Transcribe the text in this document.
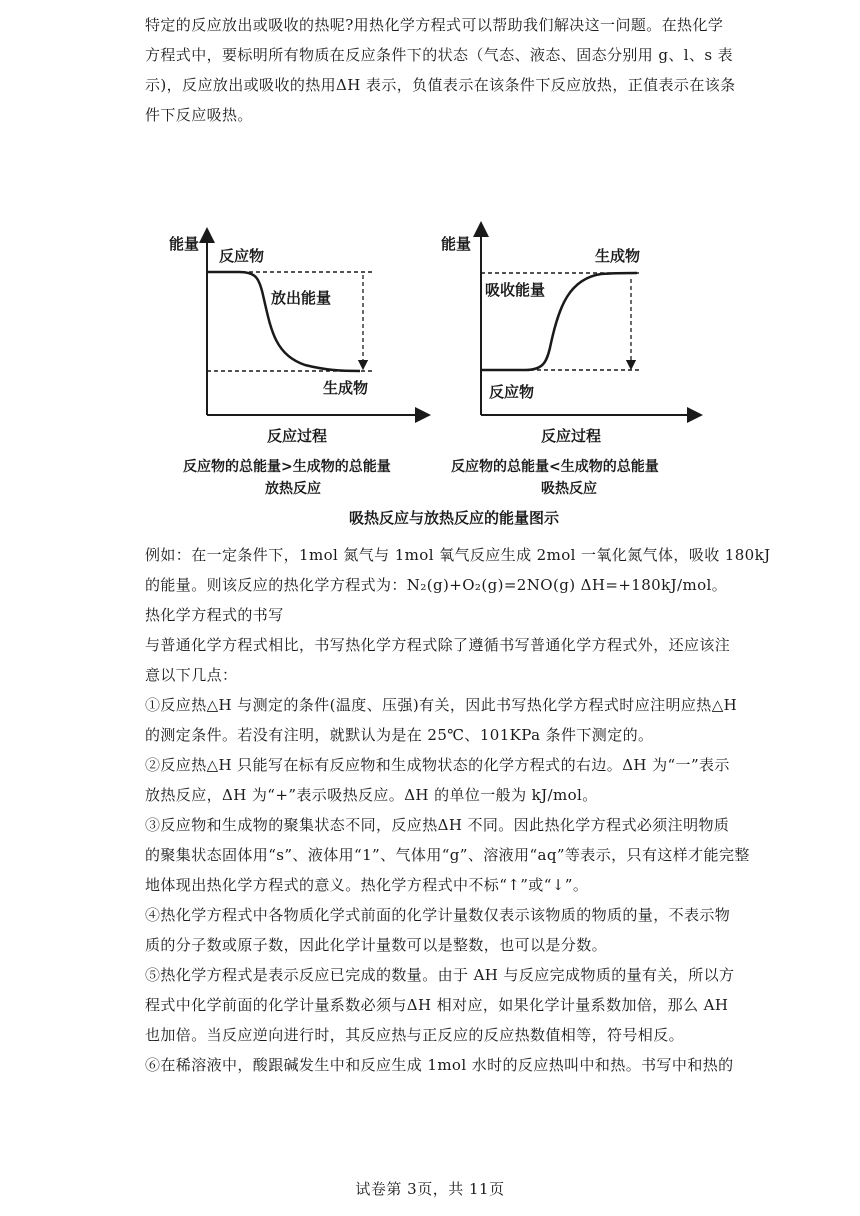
特定的反应放出或吸收的热呢?用热化学方程式可以帮助我们解决这一问题。在热化学
方程式中，要标明所有物质在反应条件下的状态（气态、液态、固态分别用 g、l、s 表
示)，反应放出或吸收的热用ΔH 表示，负值表示在该条件下反应放热，正值表示在该条
件下反应吸热。
能量
反应物
放出能量
生成物
反应过程
反应物的总能量>生成物的总能量
放热反应
能量
生成物
吸收能量
反应物
反应过程
反应物的总能量<生成物的总能量
吸热反应
吸热反应与放热反应的能量图示
例如：在一定条件下，1mol 氮气与 1mol 氧气反应生成 2mol 一氧化氮气体，吸收 180kJ
的能量。则该反应的热化学方程式为：N₂(g)+O₂(g)=2NO(g) ΔH=+180kJ/mol。
热化学方程式的书写
与普通化学方程式相比，书写热化学方程式除了遵循书写普通化学方程式外，还应该注
意以下几点：
①反应热△H 与测定的条件(温度、压强)有关，因此书写热化学方程式时应注明应热△H
的测定条件。若没有注明，就默认为是在 25℃、101KPa 条件下测定的。
②反应热△H 只能写在标有反应物和生成物状态的化学方程式的右边。ΔH 为“一”表示
放热反应，ΔH 为“+”表示吸热反应。ΔH 的单位一般为 kJ/mol。
③反应物和生成物的聚集状态不同，反应热ΔH 不同。因此热化学方程式必须注明物质
的聚集状态固体用“s”、液体用“1”、气体用“g”、溶液用“aq”等表示，只有这样才能完整
地体现出热化学方程式的意义。热化学方程式中不标“↑”或“↓”。
④热化学方程式中各物质化学式前面的化学计量数仅表示该物质的物质的量，不表示物
质的分子数或原子数，因此化学计量数可以是整数，也可以是分数。
⑤热化学方程式是表示反应已完成的数量。由于 AH 与反应完成物质的量有关，所以方
程式中化学前面的化学计量系数必须与ΔH 相对应，如果化学计量系数加倍，那么 AH
也加倍。当反应逆向进行时，其反应热与正反应的反应热数值相等，符号相反。
⑥在稀溶液中，酸跟碱发生中和反应生成 1mol 水时的反应热叫中和热。书写中和热的
试卷第 3页，共 11页
